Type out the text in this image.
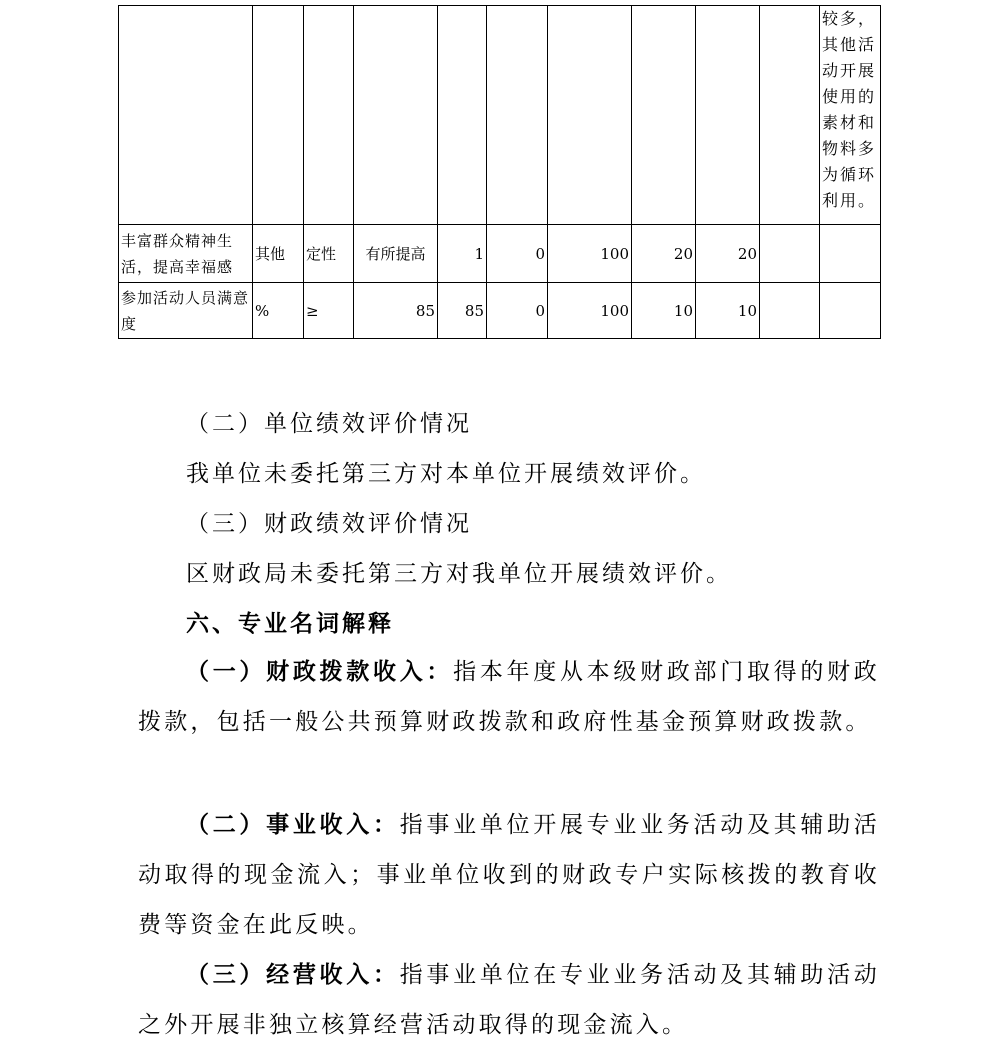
										较多，其他活动开展使用的素材和物料多为循环利用。
丰富群众精神生活，提高幸福感	其他	定性	有所提高	1	0	100	20	20		
参加活动人员满意度	%	≥	85	85	0	100	10	10		
（二）单位绩效评价情况
我单位未委托第三方对本单位开展绩效评价。
（三）财政绩效评价情况
区财政局未委托第三方对我单位开展绩效评价。
六、专业名词解释
（一）财政拨款收入：指本年度从本级财政部门取得的财政拨款，包括一般公共预算财政拨款和政府性基金预算财政拨款。
（二）事业收入：指事业单位开展专业业务活动及其辅助活动取得的现金流入；事业单位收到的财政专户实际核拨的教育收费等资金在此反映。
（三）经营收入：指事业单位在专业业务活动及其辅助活动之外开展非独立核算经营活动取得的现金流入。
